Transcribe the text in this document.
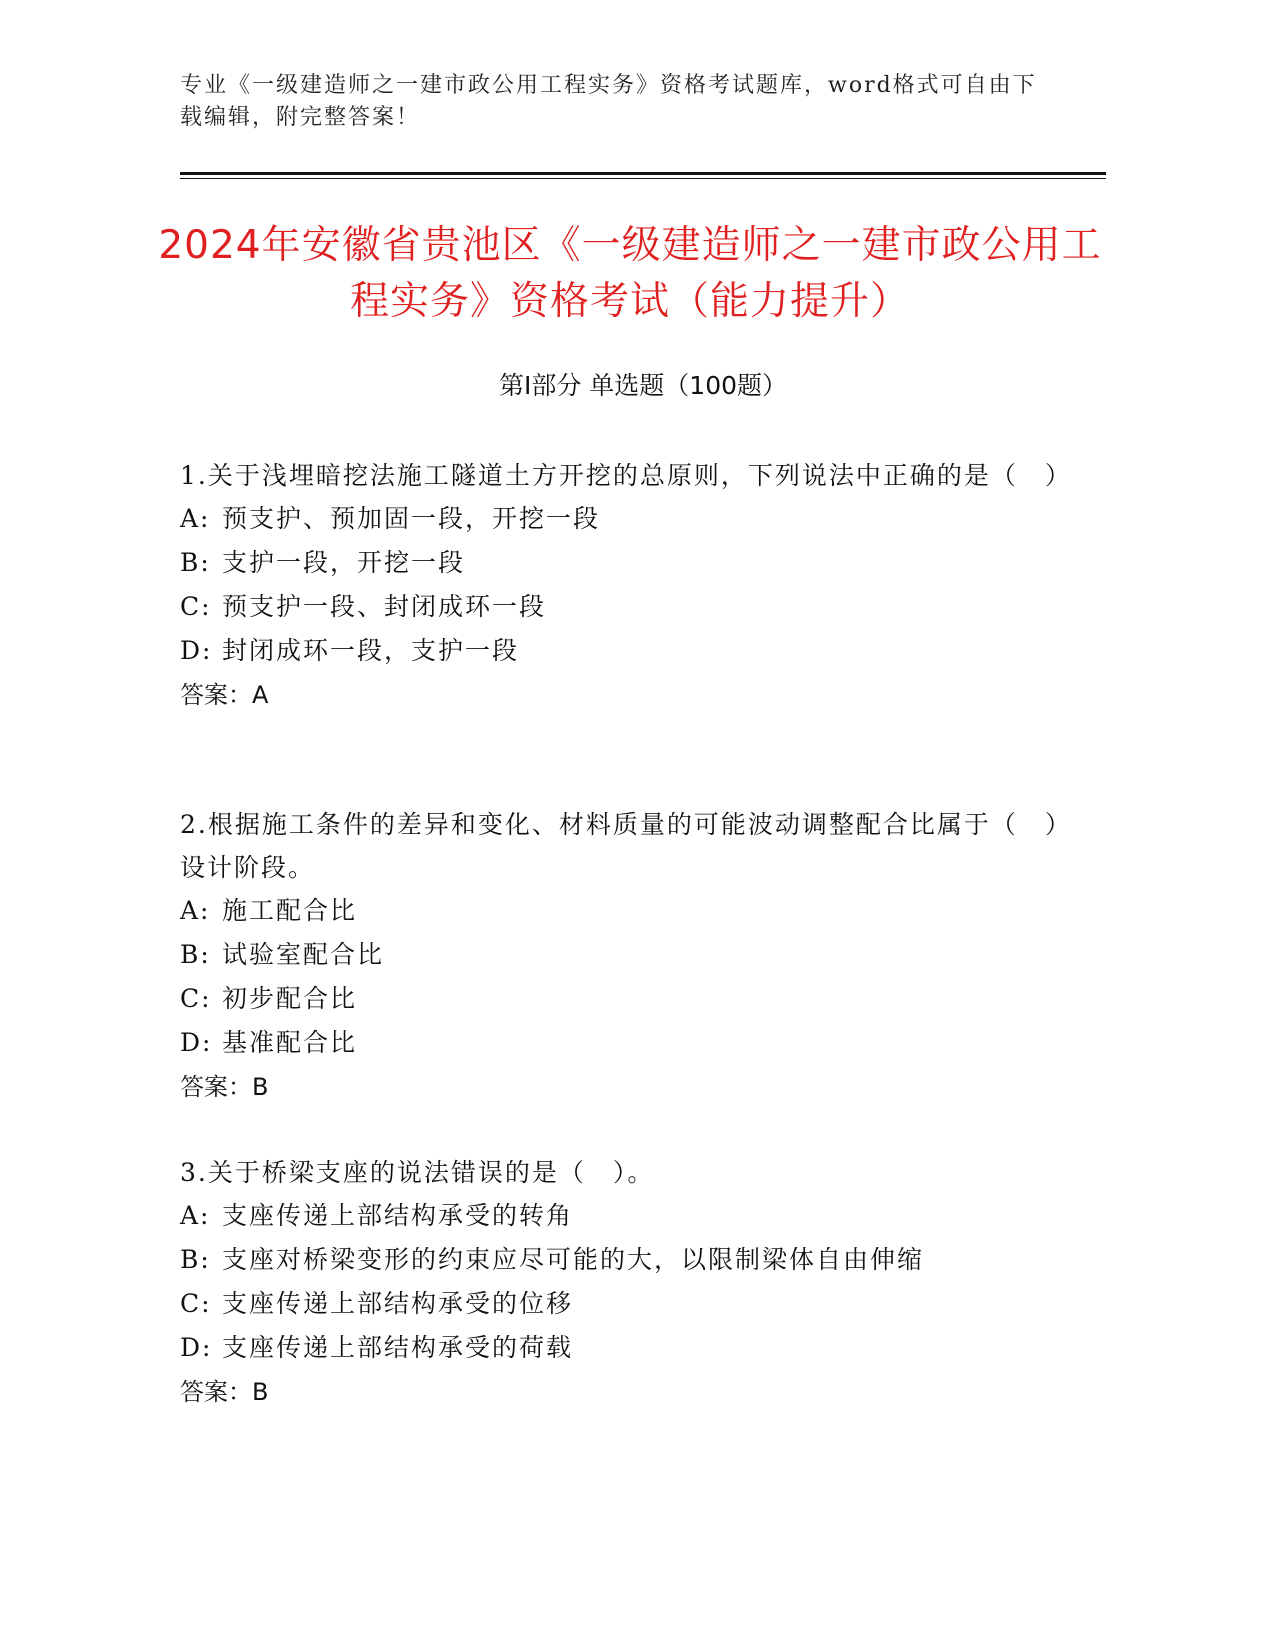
专业《一级建造师之一建市政公用工程实务》资格考试题库，word格式可自由下载编辑，附完整答案！
2024年安徽省贵池区《一级建造师之一建市政公用工程实务》资格考试（能力提升）
第Ⅰ部分 单选题（100题）

1.关于浅埋暗挖法施工隧道土方开挖的总原则，下列说法中正确的是（　）

A: 预支护、预加固一段，开挖一段

B: 支护一段，开挖一段

C: 预支护一段、封闭成环一段

D: 封闭成环一段，支护一段

答案：A

2.根据施工条件的差异和变化、材料质量的可能波动调整配合比属于（　）设计阶段。

A: 施工配合比

B: 试验室配合比

C: 初步配合比

D: 基准配合比

答案：B

3.关于桥梁支座的说法错误的是（　）。

A: 支座传递上部结构承受的转角

B: 支座对桥梁变形的约束应尽可能的大，以限制梁体自由伸缩

C: 支座传递上部结构承受的位移

D: 支座传递上部结构承受的荷载

答案：B
